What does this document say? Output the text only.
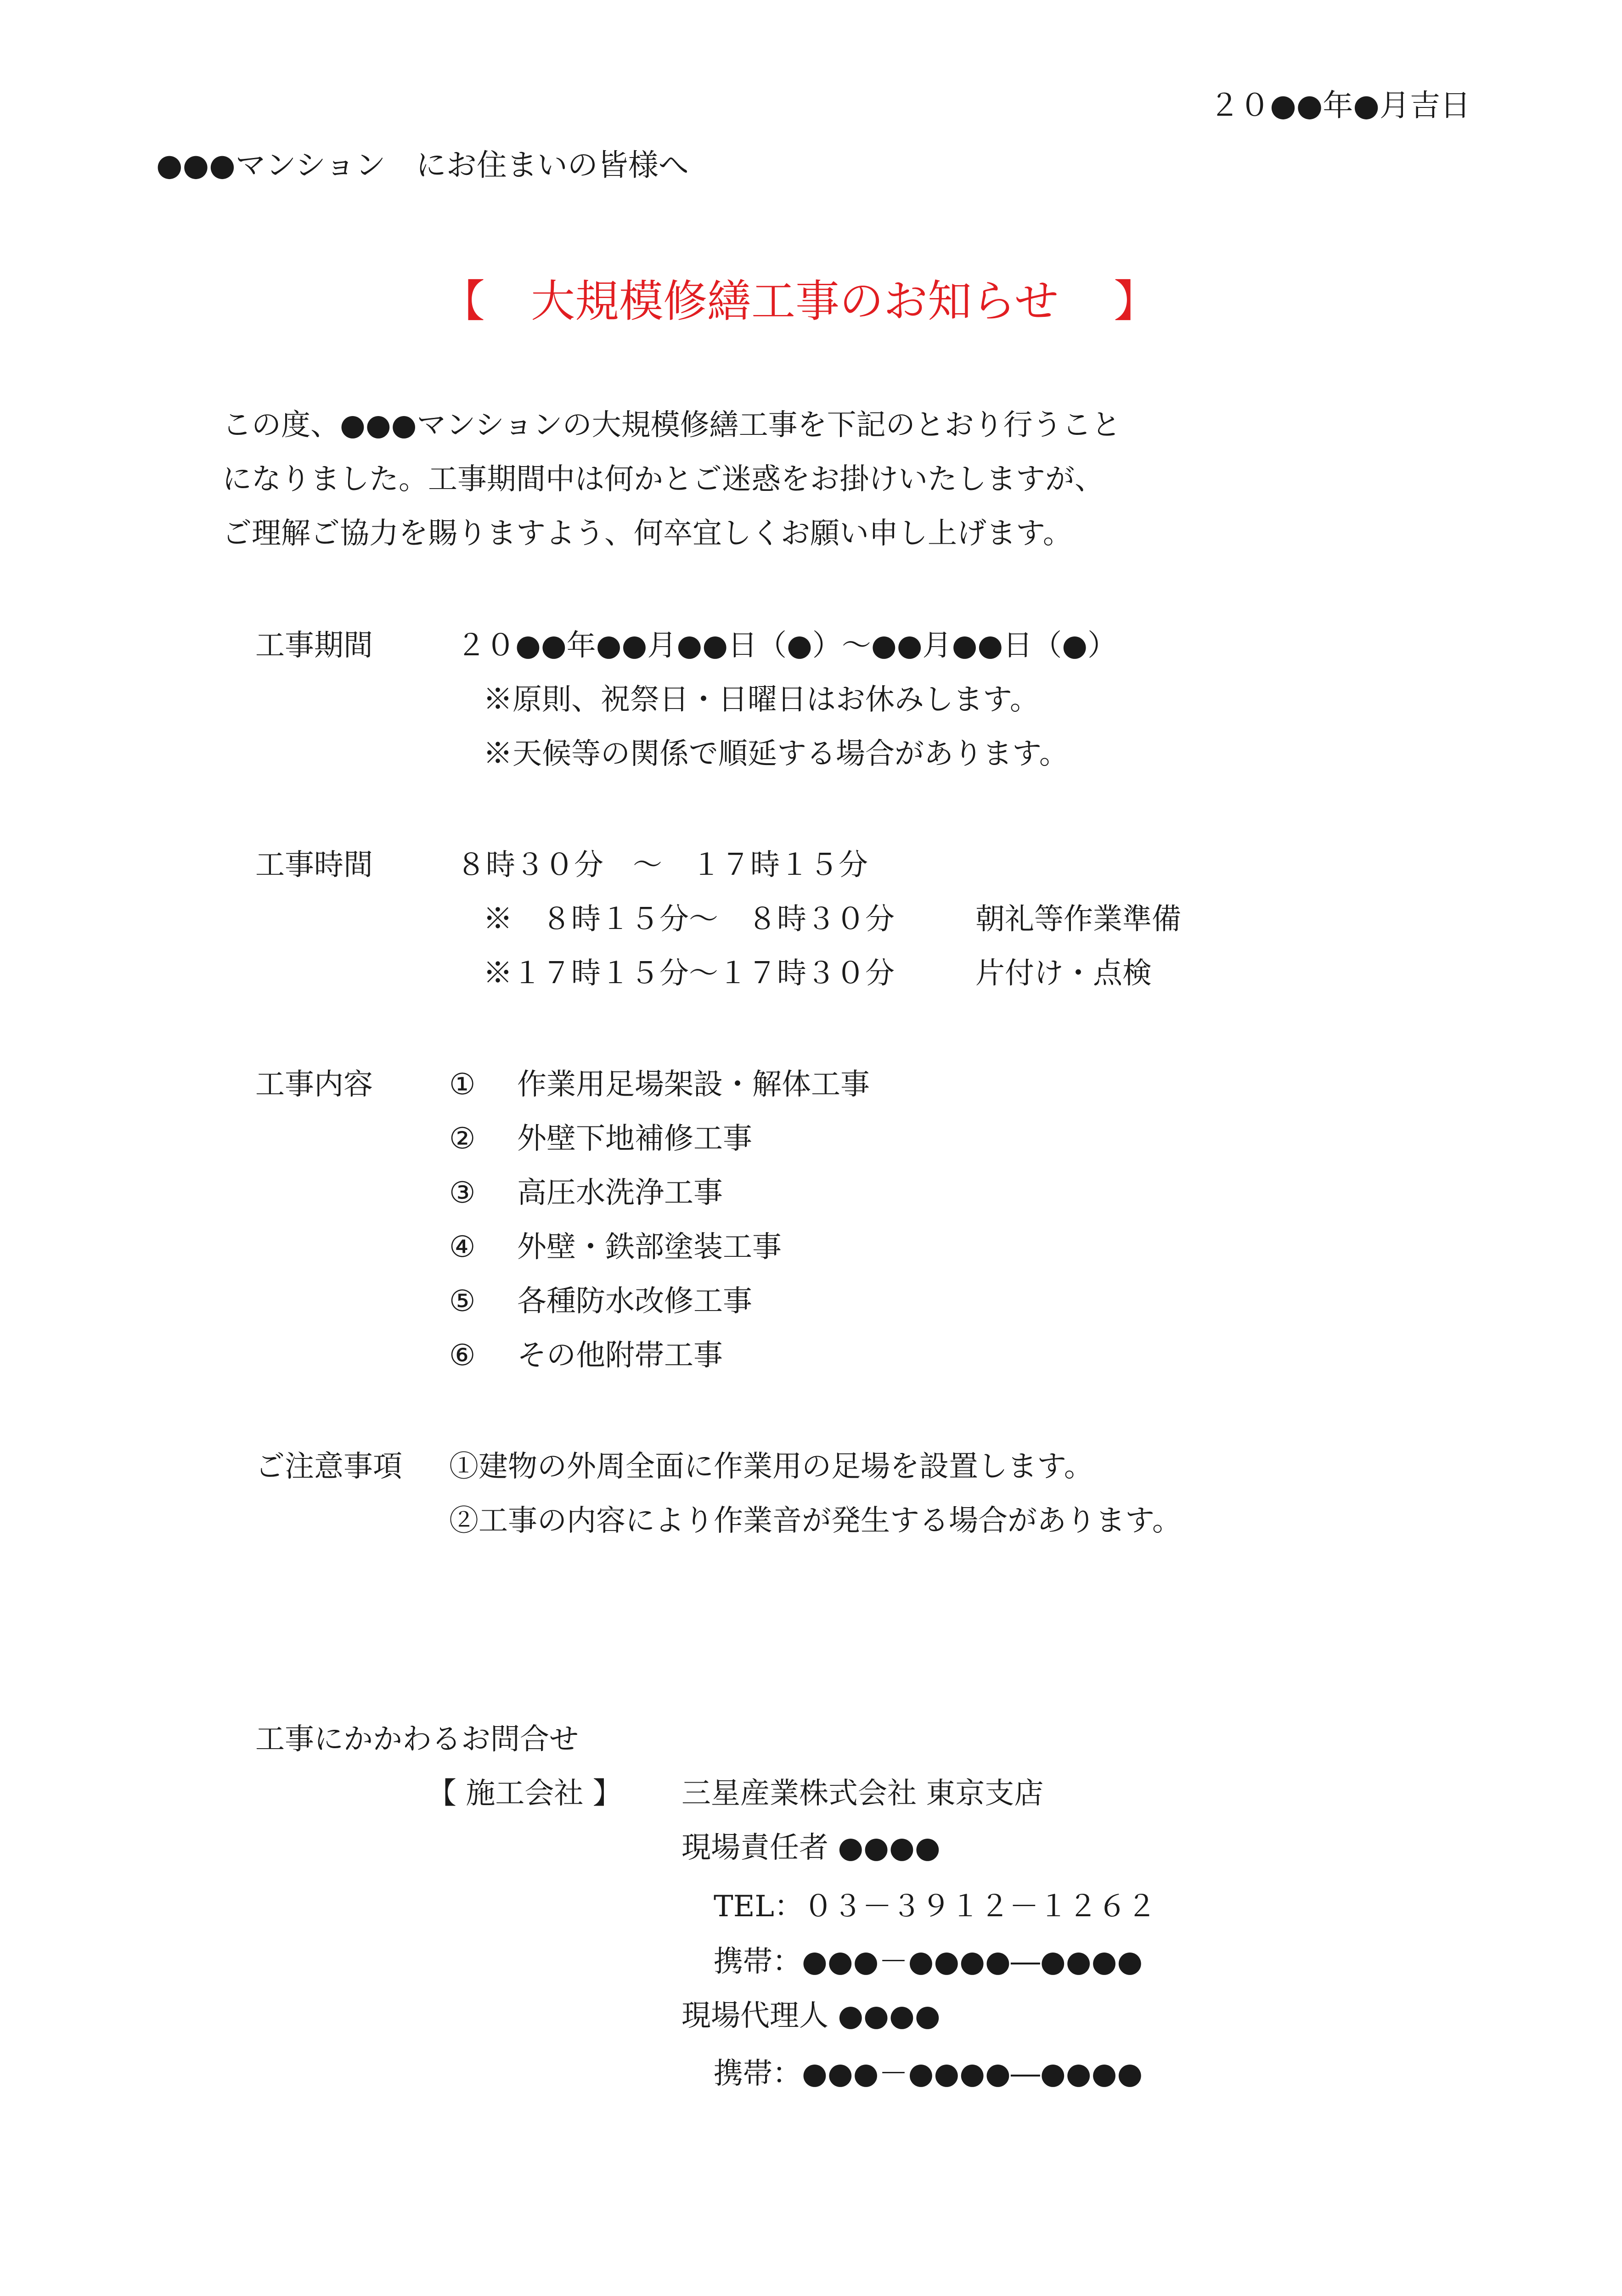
２０●●年●月吉日
●●●マンション　にお住まいの皆様へ
【 大規模修繕工事のお知らせ 】
この度、●●●マンションの大規模修繕工事を下記のとおり行うこと
になりました。工事期間中は何かとご迷惑をお掛けいたしますが、
ご理解ご協力を賜りますよう、何卒宜しくお願い申し上げます。
工事期間	２０●●年●●月●●日（●）～●●月●●日（●）
※原則、祝祭日・日曜日はお休みします。
※天候等の関係で順延する場合があります。
工事時間	８時３０分　～　１７時１５分
※　８時１５分～　８時３０分	朝礼等作業準備
※１７時１５分～１７時３０分	片付け・点検
工事内容	① 作業用足場架設・解体工事
② 外壁下地補修工事
③ 高圧水洗浄工事
④ 外壁・鉄部塗装工事
⑤ 各種防水改修工事
⑥ その他附帯工事
ご注意事項 ①建物の外周全面に作業用の足場を設置します。
②工事の内容により作業音が発生する場合があります。
工事にかかわるお問合せ
【 施工会社 】 三星産業株式会社 東京支店
現場責任者 ●●●●
TEL：０３－３９１２－１２６２
携帯：●●●－●●●●―●●●●
現場代理人 ●●●●
携帯：●●●－●●●●―●●●●
